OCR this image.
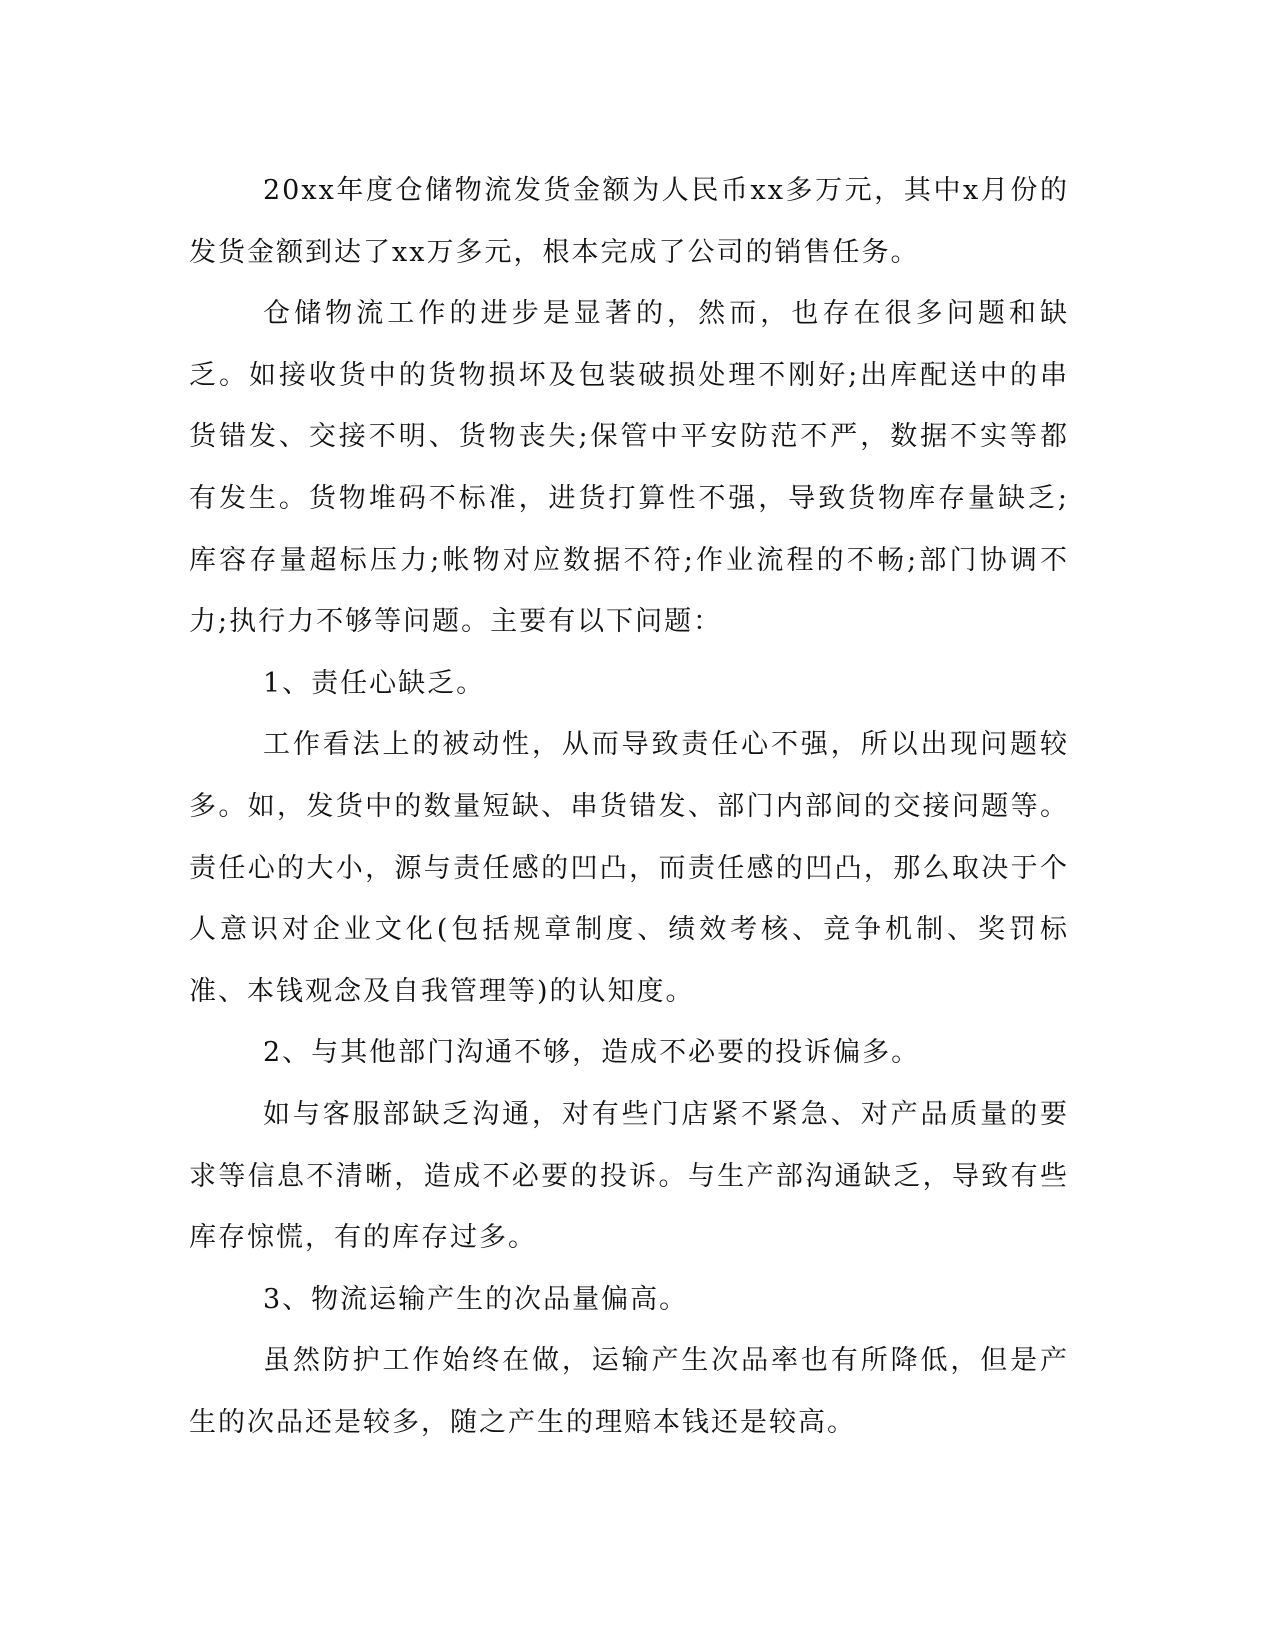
20xx年度仓储物流发货金额为人民币xx多万元，其中x月份的发货金额到达了xx万多元，根本完成了公司的销售任务。

仓储物流工作的进步是显著的，然而，也存在很多问题和缺乏。如接收货中的货物损坏及包装破损处理不刚好;出库配送中的串货错发、交接不明、货物丧失;保管中平安防范不严，数据不实等都有发生。货物堆码不标准，进货打算性不强，导致货物库存量缺乏;库容存量超标压力;帐物对应数据不符;作业流程的不畅;部门协调不力;执行力不够等问题。主要有以下问题：

1、责任心缺乏。

工作看法上的被动性，从而导致责任心不强，所以出现问题较多。如，发货中的数量短缺、串货错发、部门内部间的交接问题等。责任心的大小，源与责任感的凹凸，而责任感的凹凸，那么取决于个人意识对企业文化(包括规章制度、绩效考核、竞争机制、奖罚标准、本钱观念及自我管理等)的认知度。

2、与其他部门沟通不够，造成不必要的投诉偏多。

如与客服部缺乏沟通，对有些门店紧不紧急、对产品质量的要求等信息不清晰，造成不必要的投诉。与生产部沟通缺乏，导致有些库存惊慌，有的库存过多。

3、物流运输产生的次品量偏高。

虽然防护工作始终在做，运输产生次品率也有所降低，但是产生的次品还是较多，随之产生的理赔本钱还是较高。
